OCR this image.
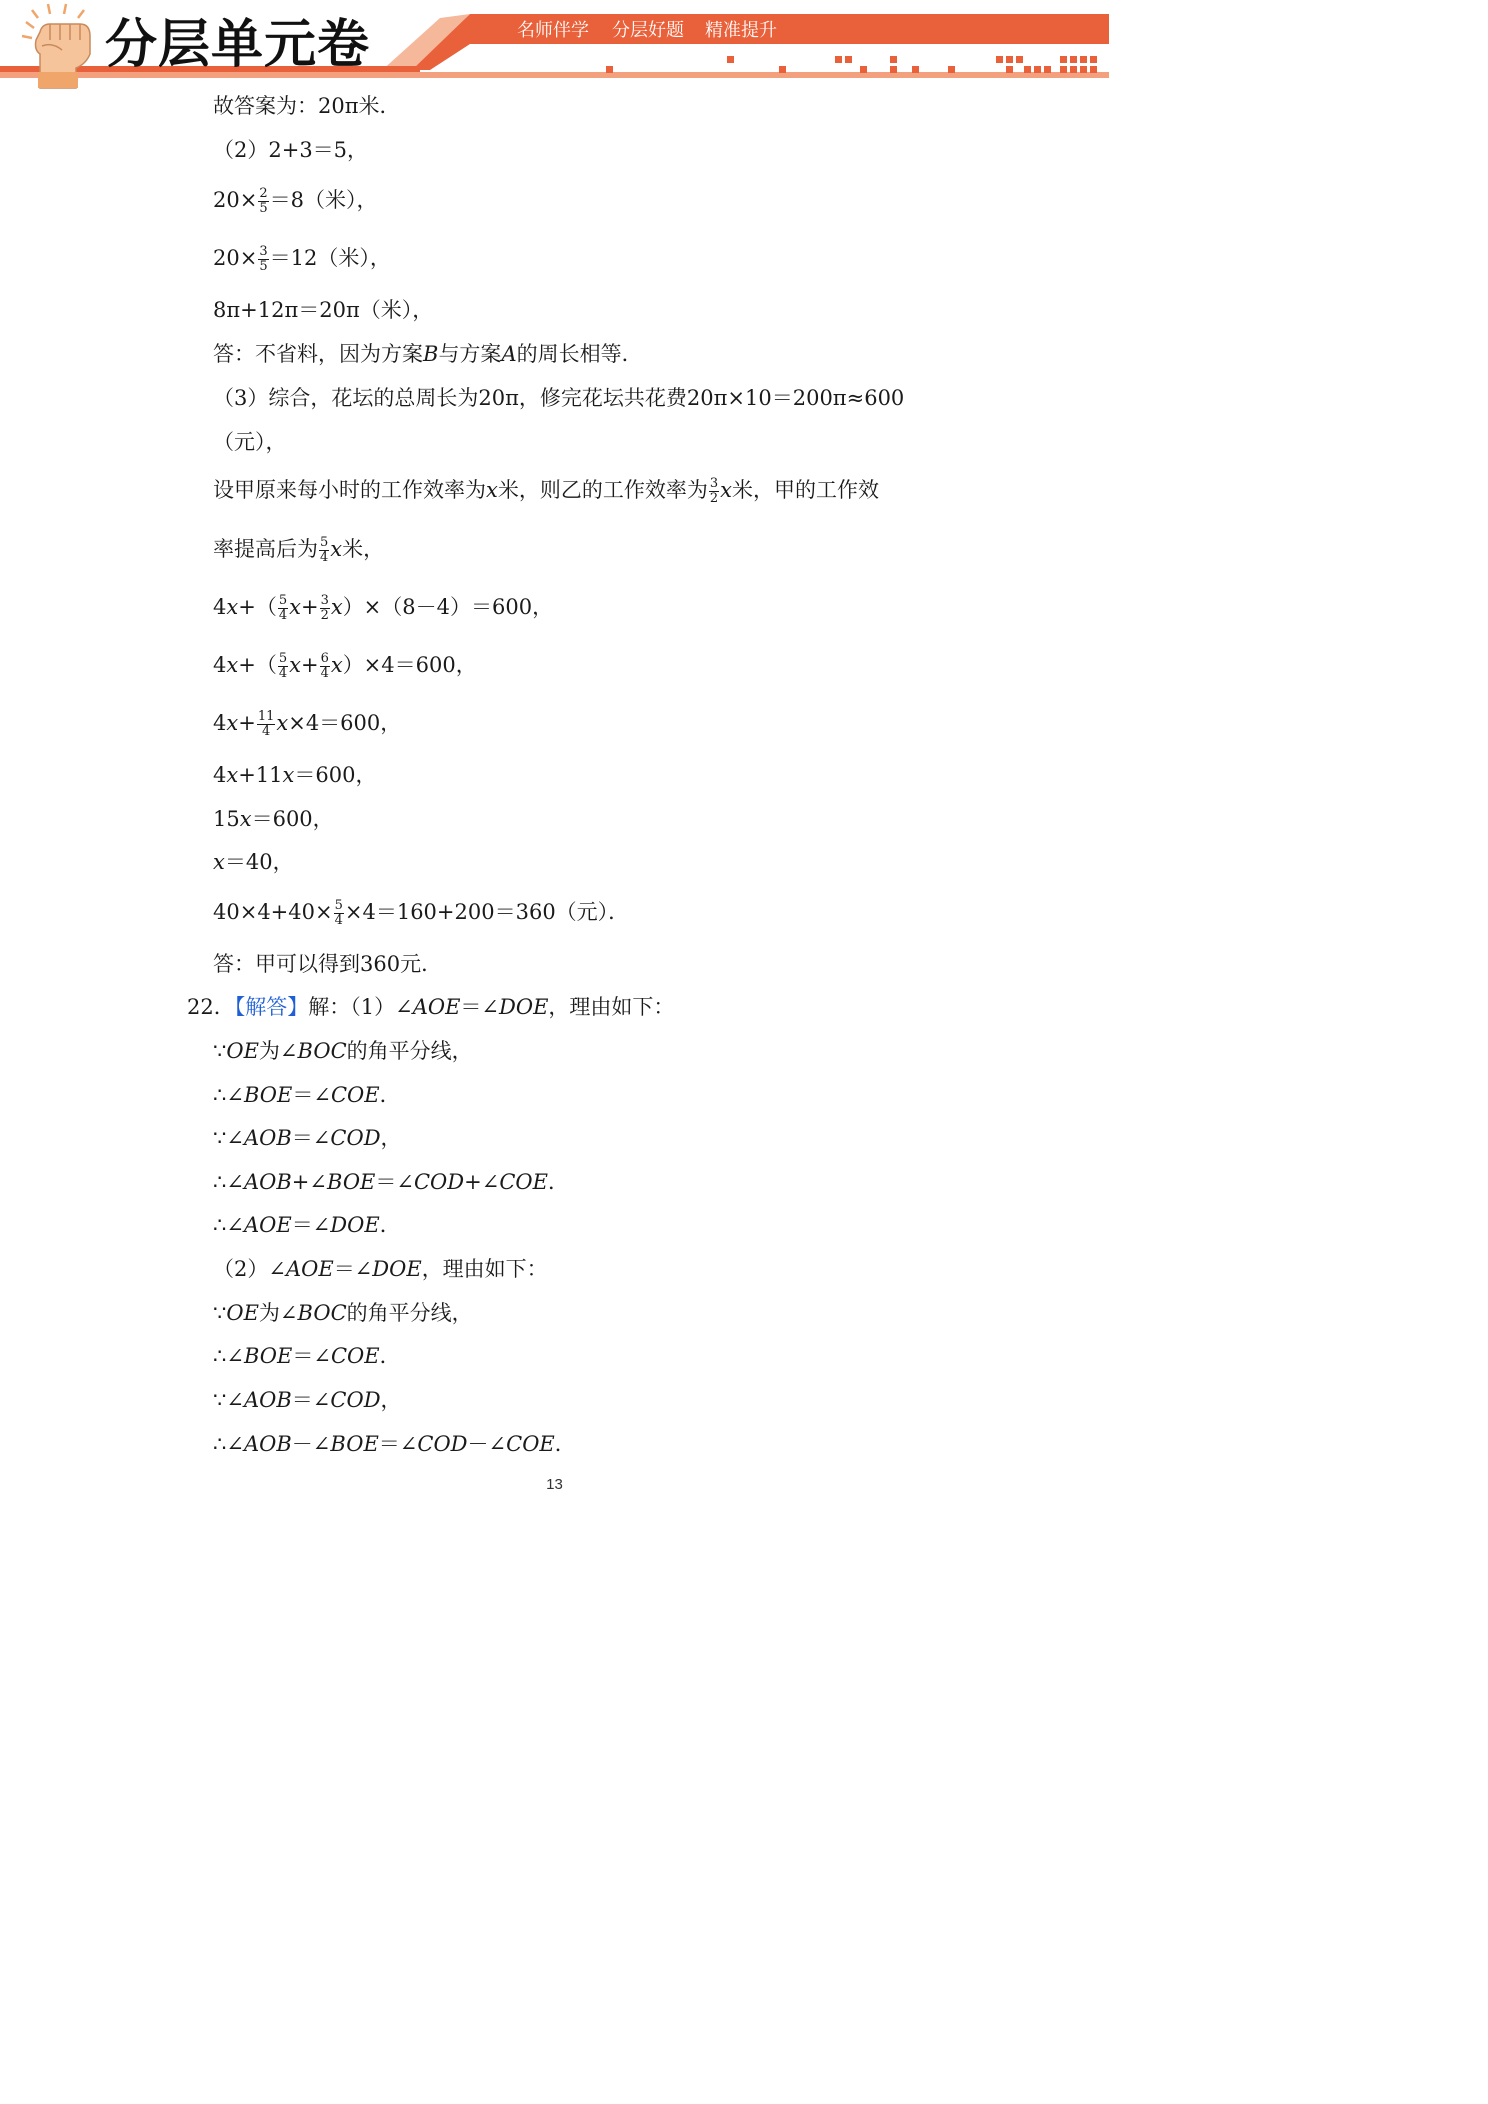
分层单元卷	名师伴学 分层好题 精准提升
故答案为：20π米．
（2）2+3＝5，
$20\times \frac{2}{5} =8$（米），
$20\times \frac{3}{5} =12$（米），
8π+12π＝20π（米），
答：不省料，因为方案B与方案A的周长相等．
（3）综合，花坛的总周长为20π，修完花坛共花费20π×10＝200π≈600
（元），
设甲原来每小时的工作效率为x米，则乙的工作效率为 $\frac{3}{2}$ x米，甲的工作效
率提高后为 $\frac{5}{4}$ x米，
$4x+( \frac{5}{4} x+ \frac{3}{2} x)\times(8-4)=600$，
$4x+( \frac{5}{4} x+ \frac{6}{4} x)\times 4=600$，
$4x+ \frac{11}{4} x\times 4=600$，
4x+11x＝600，
15x＝600，
x＝40，
$40\times 4+40\times \frac{5}{4} \times 4=160+200=360$（元）．
答：甲可以得到360元．
22．【解答】解：（1）∠AOE＝∠DOE，理由如下：
∵OE为∠BOC的角平分线，
∴∠BOE＝∠COE．
∵∠AOB＝∠COD，
∴∠AOB+∠BOE＝∠COD+∠COE．
∴∠AOE＝∠DOE．
（2）∠AOE＝∠DOE，理由如下：
∵OE为∠BOC的角平分线，
∴∠BOE＝∠COE．
∵∠AOB＝∠COD，
∴∠AOB－∠BOE＝∠COD－∠COE．
13
